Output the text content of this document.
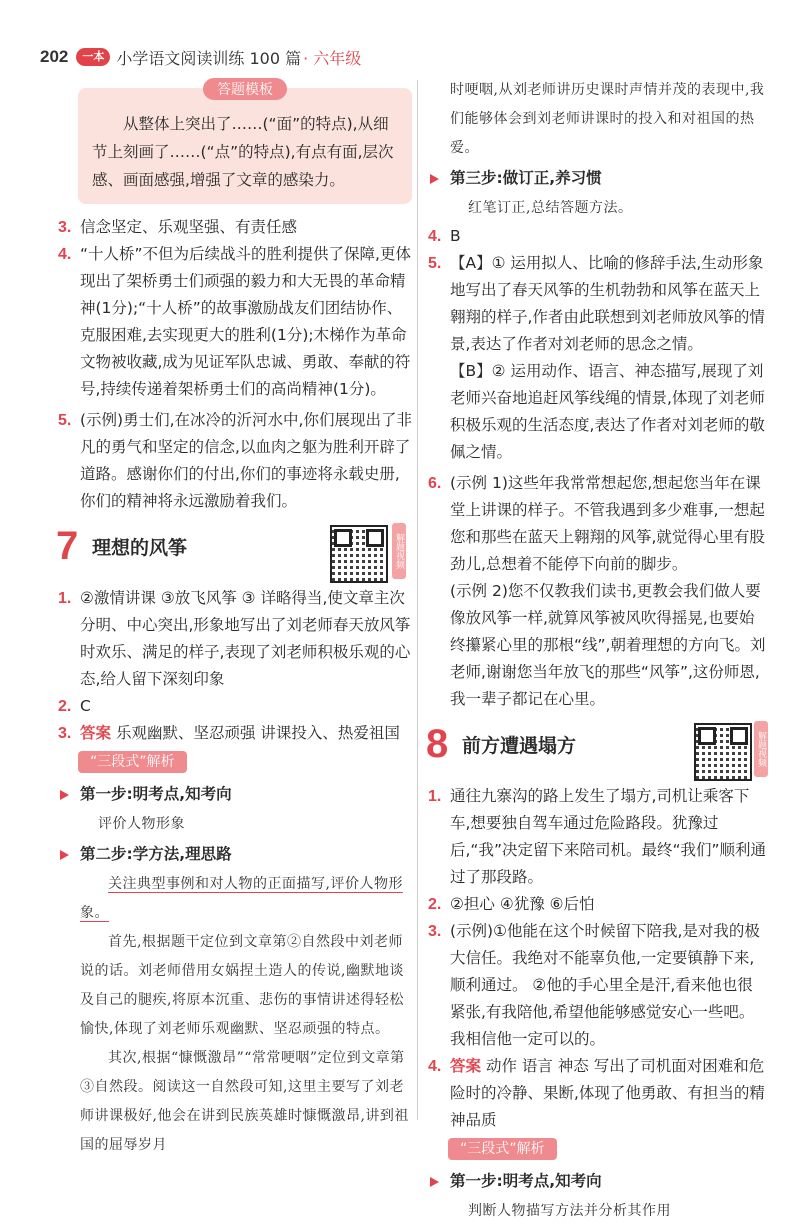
202	一本 小学语文阅读训练 100 篇 · 六年级
答题模板

从整体上突出了……(“面”的特点),从细节上刻画了……(“点”的特点),有点有面,层次感、画面感强,增强了文章的感染力。

3. 信念坚定、乐观坚强、有责任感
4. “十人桥”不但为后续战斗的胜利提供了保障,更体现出了架桥勇士们顽强的毅力和大无畏的革命精神(1分);“十人桥”的故事激励战友们团结协作、克服困难,去实现更大的胜利(1分);木梯作为革命文物被收藏,成为见证军队忠诚、勇敢、奉献的符号,持续传递着架桥勇士们的高尚精神(1分)。
5. (示例)勇士们,在冰冷的沂河水中,你们展现出了非凡的勇气和坚定的信念,以血肉之躯为胜利开辟了道路。感谢你们的付出,你们的事迹将永载史册,你们的精神将永远激励着我们。
7 理想的风筝	解题视频
1. ②激情讲课 ③放飞风筝 ③ 详略得当,使文章主次分明、中心突出,形象地写出了刘老师春天放风筝时欢乐、满足的样子,表现了刘老师积极乐观的心态,给人留下深刻印象
2. C
3. 答案 乐观幽默、坚忍顽强 讲课投入、热爱祖国
“三段式”解析
第一步:明考点,知考向

评价人物形象

第二步:学方法,理思路

关注典型事例和对人物的正面描写,评价人物形象。

首先,根据题干定位到文章第②自然段中刘老师说的话。刘老师借用女娲捏土造人的传说,幽默地谈及自己的腿疾,将原本沉重、悲伤的事情讲述得轻松愉快,体现了刘老师乐观幽默、坚忍顽强的特点。

其次,根据“慷慨激昂”“常常哽咽”定位到文章第③自然段。阅读这一自然段可知,这里主要写了刘老师讲课极好,他会在讲到民族英雄时慷慨激昂,讲到祖国的屈辱岁月

时哽咽,从刘老师讲历史课时声情并茂的表现中,我们能够体会到刘老师讲课时的投入和对祖国的热爱。

第三步:做订正,养习惯

红笔订正,总结答题方法。

4. B
5. 【A】① 运用拟人、比喻的修辞手法,生动形象地写出了春天风筝的生机勃勃和风筝在蓝天上翱翔的样子,作者由此联想到刘老师放风筝的情景,表达了作者对刘老师的思念之情。

【B】② 运用动作、语言、神态描写,展现了刘老师兴奋地追赶风筝线绳的情景,体现了刘老师积极乐观的生活态度,表达了作者对刘老师的敬佩之情。

6. (示例 1)这些年我常常想起您,想起您当年在课堂上讲课的样子。不管我遇到多少难事,一想起您和那些在蓝天上翱翔的风筝,就觉得心里有股劲儿,总想着不能停下向前的脚步。

(示例 2)您不仅教我们读书,更教会我们做人要像放风筝一样,就算风筝被风吹得摇晃,也要始终攥紧心里的那根“线”,朝着理想的方向飞。刘老师,谢谢您当年放飞的那些“风筝”,这份师恩,我一辈子都记在心里。

8 前方遭遇塌方	解题视频
1. 通往九寨沟的路上发生了塌方,司机让乘客下车,想要独自驾车通过危险路段。犹豫过后,“我”决定留下来陪司机。最终“我们”顺利通过了那段路。
2. ②担心 ④犹豫 ⑥后怕
3. (示例)①他能在这个时候留下陪我,是对我的极大信任。我绝对不能辜负他,一定要镇静下来,顺利通过。 ②他的手心里全是汗,看来他也很紧张,有我陪他,希望他能够感觉安心一些吧。我相信他一定可以的。
4. 答案 动作 语言 神态 写出了司机面对困难和危险时的冷静、果断,体现了他勇敢、有担当的精神品质
“三段式”解析
第一步:明考点,知考向

判断人物描写方法并分析其作用
